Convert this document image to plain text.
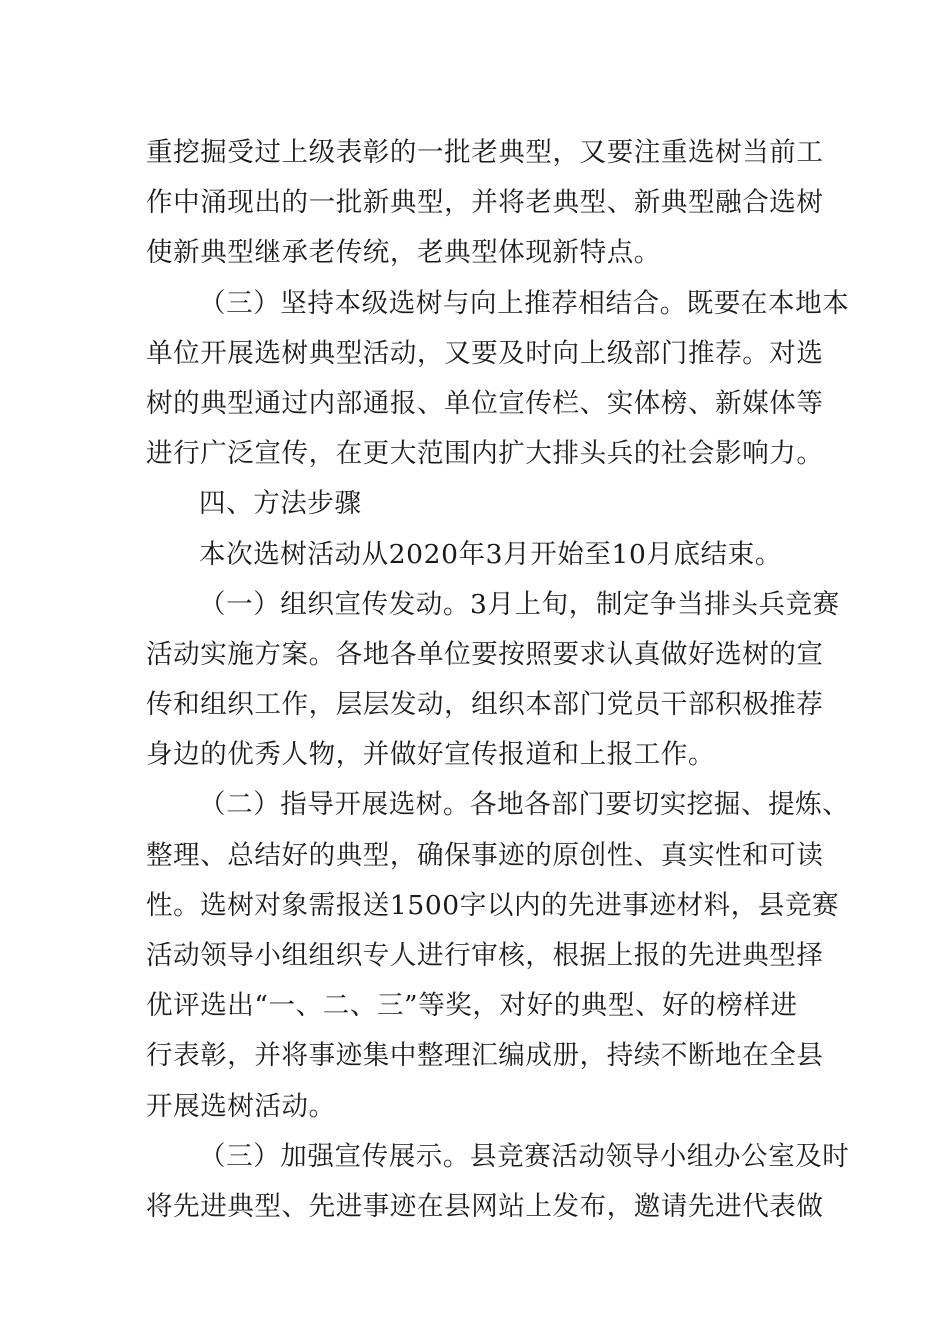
重挖掘受过上级表彰的一批老典型，又要注重选树当前工
作中涌现出的一批新典型，并将老典型、新典型融合选树
使新典型继承老传统，老典型体现新特点。
（三）坚持本级选树与向上推荐相结合。既要在本地本
单位开展选树典型活动，又要及时向上级部门推荐。对选
树的典型通过内部通报、单位宣传栏、实体榜、新媒体等
进行广泛宣传，在更大范围内扩大排头兵的社会影响力。
四、方法步骤
本次选树活动从2020年3月开始至10月底结束。
（一）组织宣传发动。3月上旬，制定争当排头兵竞赛
活动实施方案。各地各单位要按照要求认真做好选树的宣
传和组织工作，层层发动，组织本部门党员干部积极推荐
身边的优秀人物，并做好宣传报道和上报工作。
（二）指导开展选树。各地各部门要切实挖掘、提炼、
整理、总结好的典型，确保事迹的原创性、真实性和可读
性。选树对象需报送1500字以内的先进事迹材料，县竞赛
活动领导小组组织专人进行审核，根据上报的先进典型择
优评选出“一、二、三”等奖，对好的典型、好的榜样进
行表彰，并将事迹集中整理汇编成册，持续不断地在全县
开展选树活动。
（三）加强宣传展示。县竞赛活动领导小组办公室及时
将先进典型、先进事迹在县网站上发布，邀请先进代表做
